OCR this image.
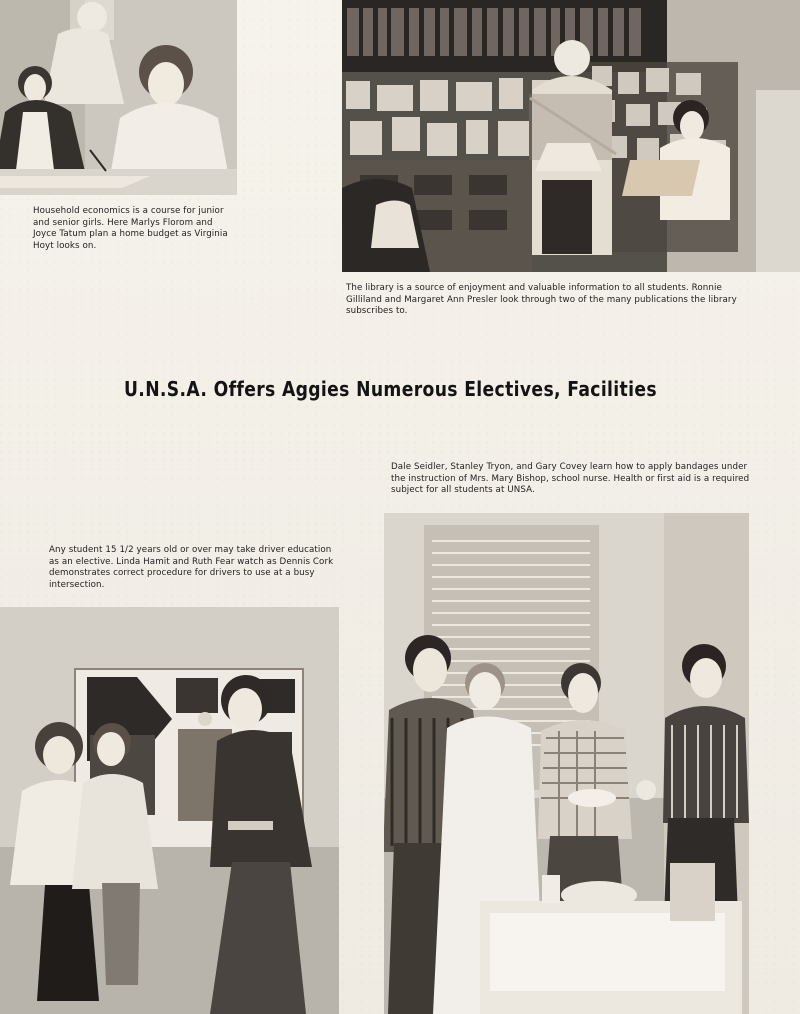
Household economics is a course for junior and senior girls. Here Marlys Florom and Joyce Tatum plan a home budget as Virginia Hoyt looks on.
The library is a source of enjoyment and valuable information to all students. Ronnie Gilliland and Margaret Ann Presler look through two of the many publications the library subscribes to.
U.N.S.A. Offers Aggies Numerous Electives, Facilities
Dale Seidler, Stanley Tryon, and Gary Covey learn how to apply bandages under the instruction of Mrs. Mary Bishop, school nurse. Health or first aid is a required subject for all students at UNSA.
Any student 15 1/2 years old or over may take driver education as an elective. Linda Hamit and Ruth Fear watch as Dennis Cork demonstrates correct procedure for drivers to use at a busy intersection.
